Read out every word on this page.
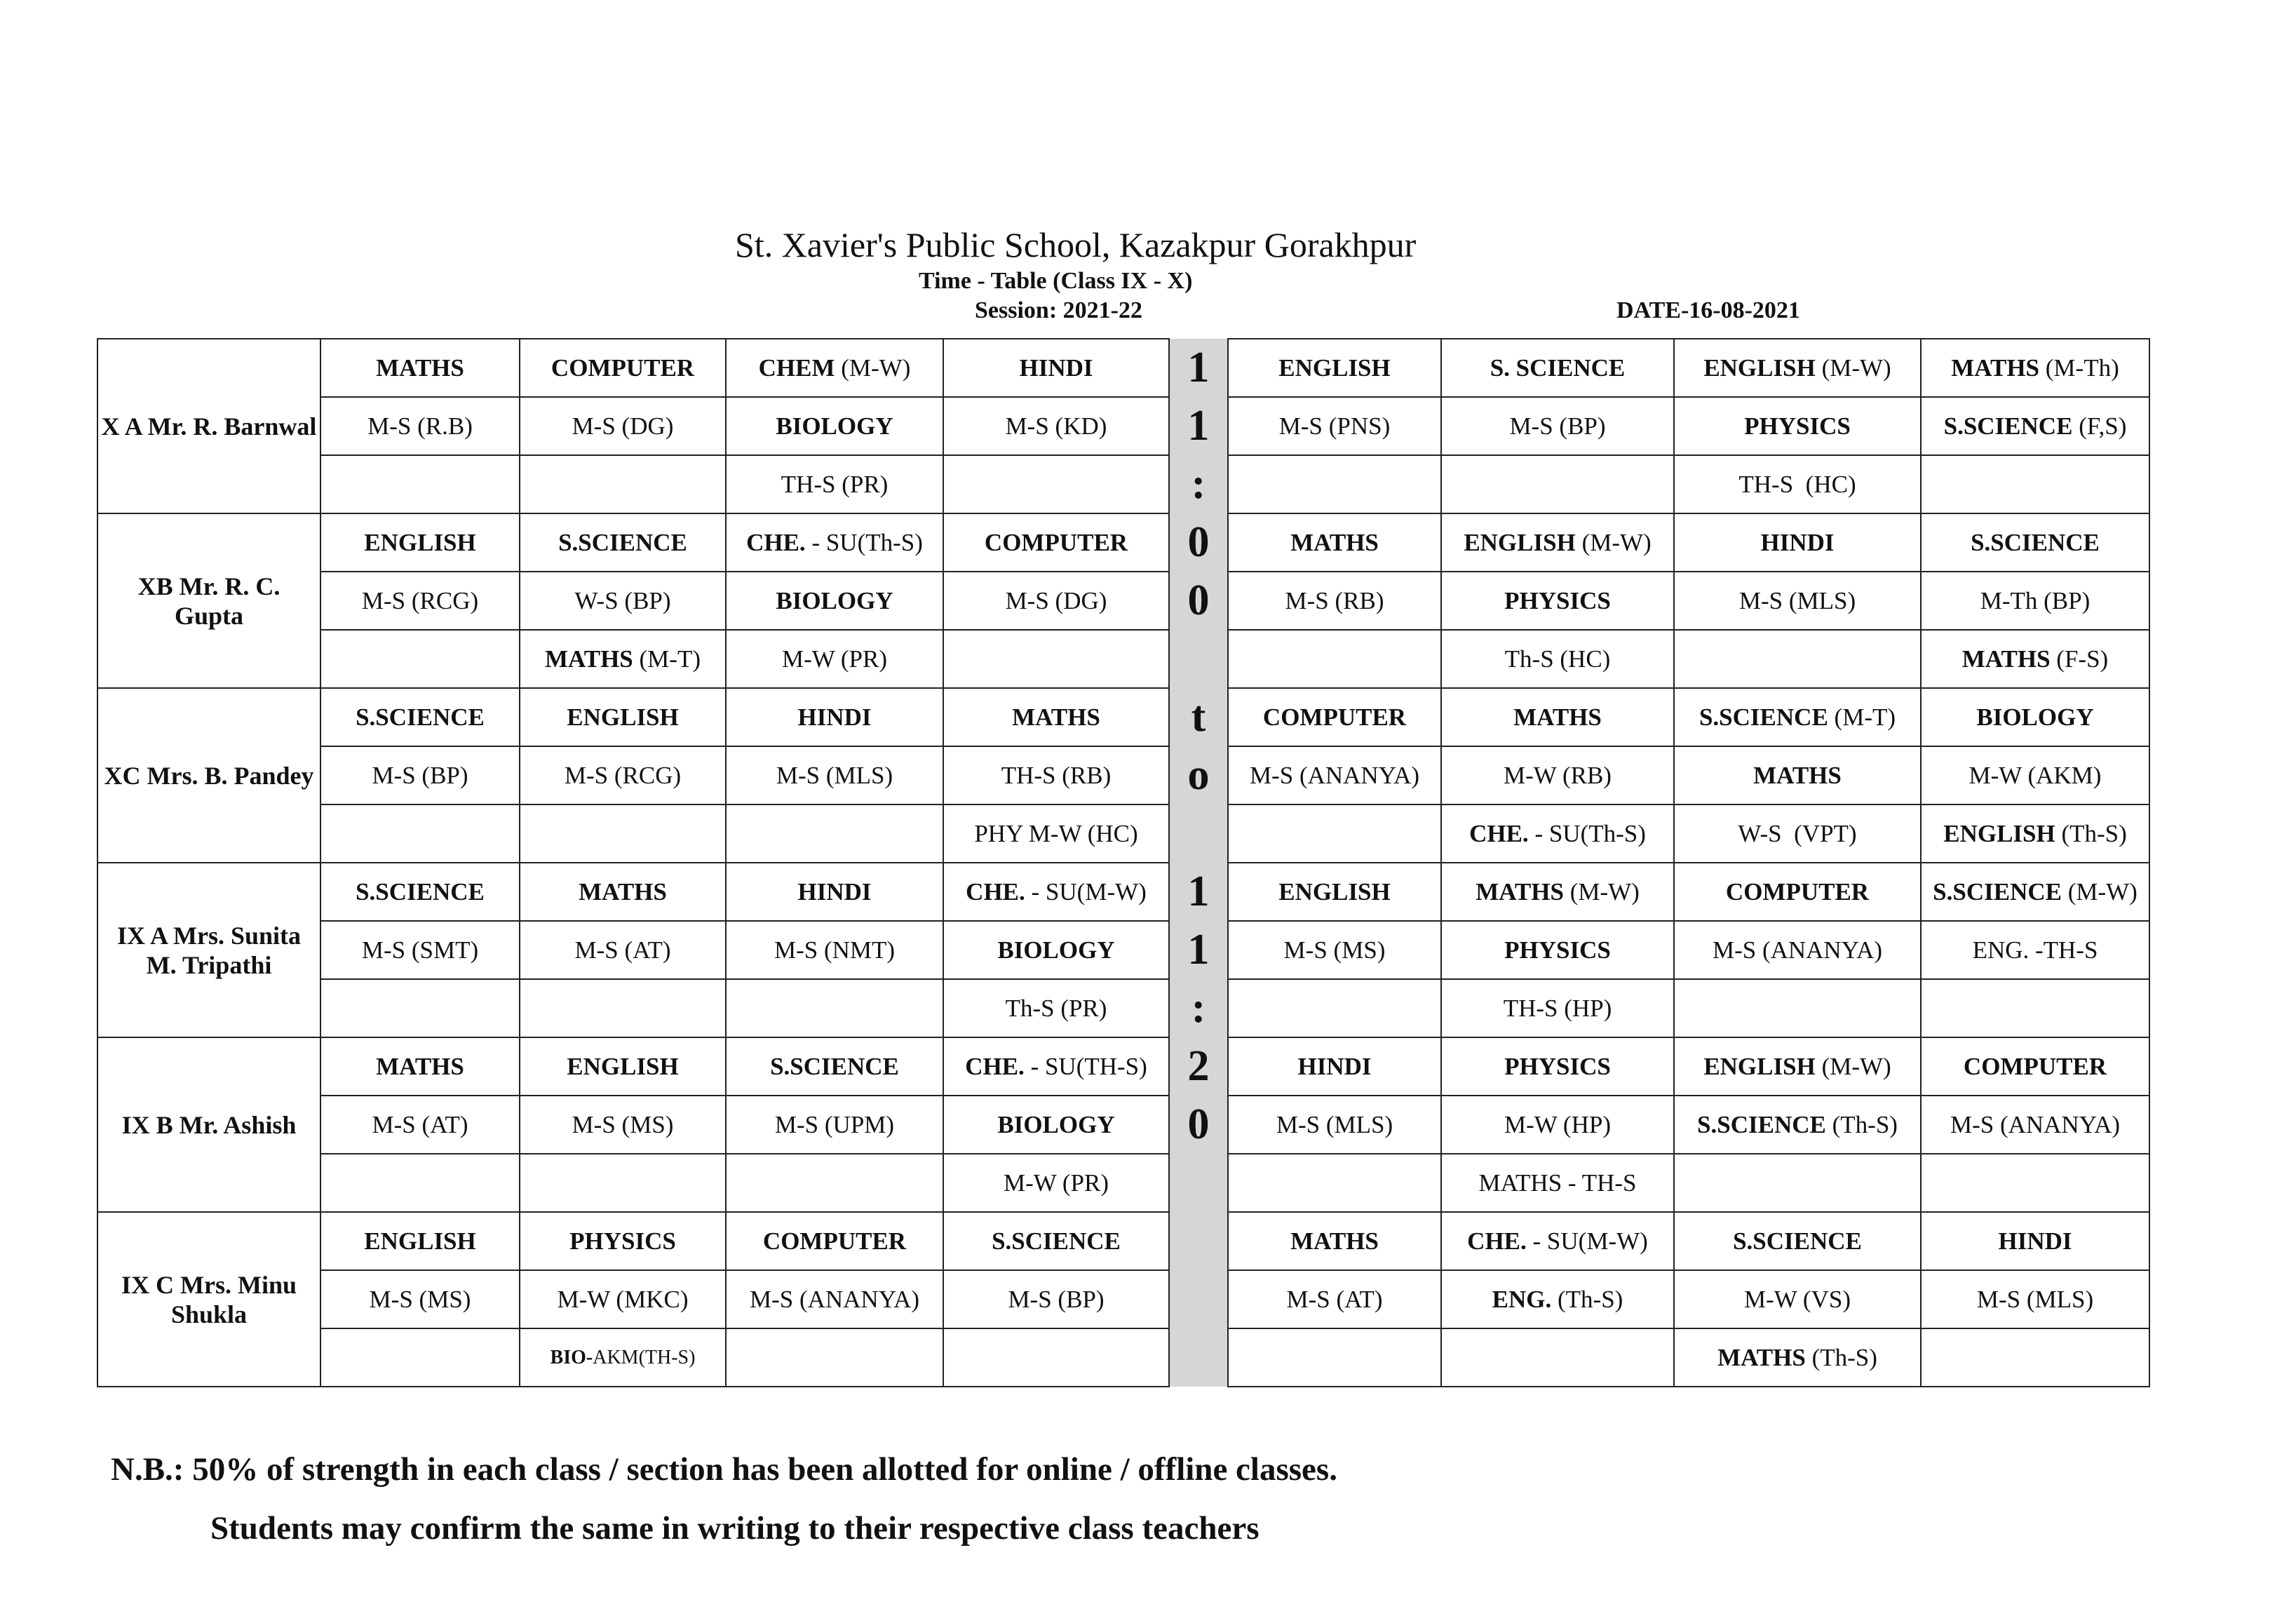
St. Xavier's Public School, Kazakpur Gorakhpur
Time - Table (Class IX - X)
Session: 2021-22	DATE-16-08-2021
X A Mr. R. Barnwal	MATHS	COMPUTER	CHEM (M-W)	HINDI	1	ENGLISH	S. SCIENCE	ENGLISH (M-W)	MATHS (M-Th)
	M-S (R.B)	M-S (DG)	BIOLOGY	M-S (KD)	1	M-S (PNS)	M-S (BP)	PHYSICS	S.SCIENCE (F,S)
			TH-S (PR)		:			TH-S  (HC)	
XB Mr. R. C. Gupta	ENGLISH	S.SCIENCE	CHE. - SU(Th-S)	COMPUTER	0	MATHS	ENGLISH (M-W)	HINDI	S.SCIENCE
	M-S (RCG)	W-S (BP)	BIOLOGY	M-S (DG)	0	M-S (RB)	PHYSICS	M-S (MLS)	M-Th (BP)
		MATHS (M-T)	M-W (PR)				Th-S (HC)		MATHS (F-S)
XC Mrs. B. Pandey	S.SCIENCE	ENGLISH	HINDI	MATHS	t	COMPUTER	MATHS	S.SCIENCE (M-T)	BIOLOGY
	M-S (BP)	M-S (RCG)	M-S (MLS)	TH-S (RB)	o	M-S (ANANYA)	M-W (RB)	MATHS	M-W (AKM)
				PHY M-W (HC)			CHE. - SU(Th-S)	W-S  (VPT)	ENGLISH (Th-S)
IX A Mrs. Sunita M. Tripathi	S.SCIENCE	MATHS	HINDI	CHE. - SU(M-W)	1	ENGLISH	MATHS (M-W)	COMPUTER	S.SCIENCE (M-W)
	M-S (SMT)	M-S (AT)	M-S (NMT)	BIOLOGY	1	M-S (MS)	PHYSICS	M-S (ANANYA)	ENG. -TH-S
				Th-S (PR)	:		TH-S (HP)		
IX B Mr. Ashish	MATHS	ENGLISH	S.SCIENCE	CHE. - SU(TH-S)	2	HINDI	PHYSICS	ENGLISH (M-W)	COMPUTER
	M-S (AT)	M-S (MS)	M-S (UPM)	BIOLOGY	0	M-S (MLS)	M-W (HP)	S.SCIENCE (Th-S)	M-S (ANANYA)
				M-W (PR)			MATHS - TH-S		
IX C Mrs. Minu Shukla	ENGLISH	PHYSICS	COMPUTER	S.SCIENCE		MATHS	CHE. - SU(M-W)	S.SCIENCE	HINDI
	M-S (MS)	M-W (MKC)	M-S (ANANYA)	M-S (BP)		M-S (AT)	ENG. (Th-S)	M-W (VS)	M-S (MLS)
		BIO-AKM(TH-S)						MATHS (Th-S)	
N.B.: 50% of strength in each class / section has been allotted for online / offline classes.
Students may confirm the same in writing to their respective class teachers
